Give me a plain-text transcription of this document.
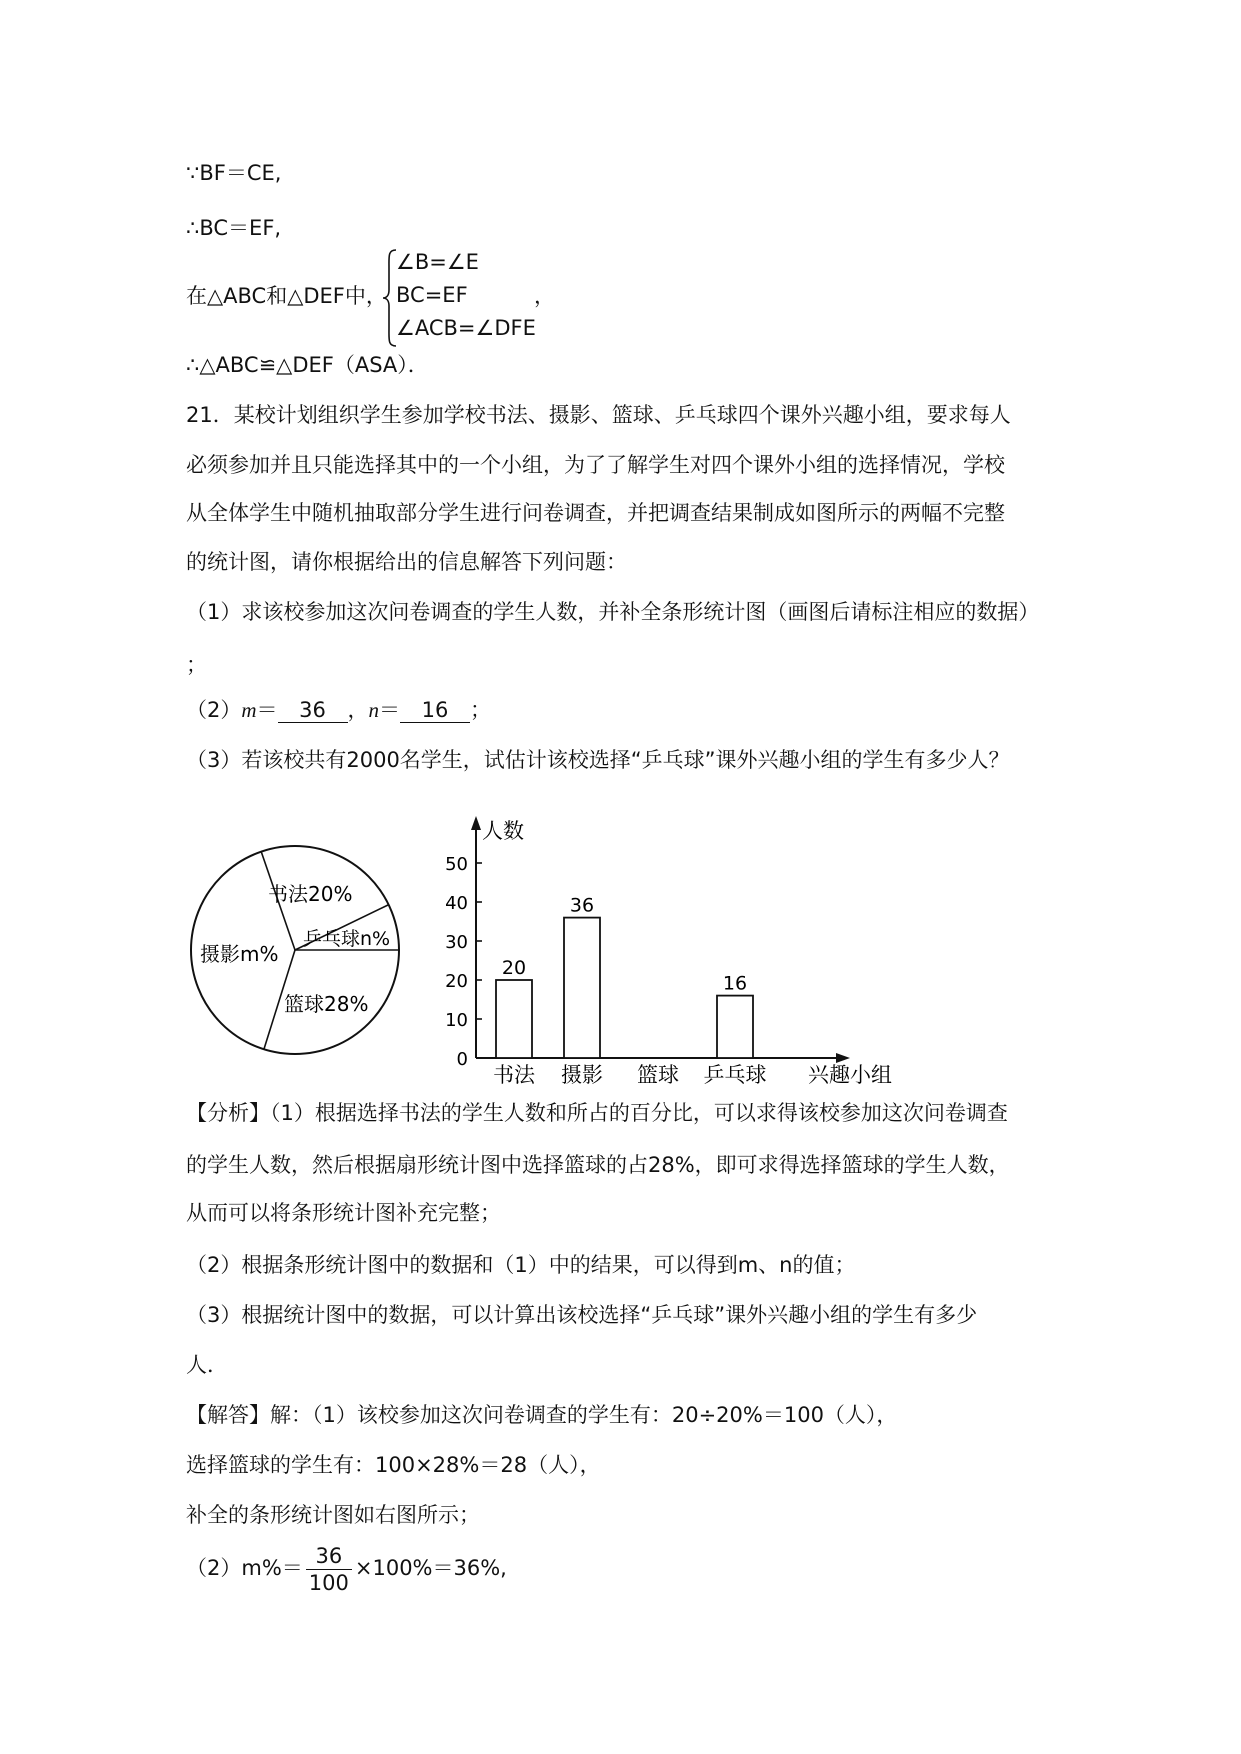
∵BF＝CE,
∴BC＝EF,
在△ABC和△DEF中，
∠B=∠E
BC=EF
∠ACB=∠DFE
，
∴△ABC≌△DEF（ASA）．
21．某校计划组织学生参加学校书法、摄影、篮球、乒乓球四个课外兴趣小组，要求每人
必须参加并且只能选择其中的一个小组，为了了解学生对四个课外小组的选择情况，学校
从全体学生中随机抽取部分学生进行问卷调查，并把调查结果制成如图所示的两幅不完整
的统计图，请你根据给出的信息解答下列问题：
（1）求该校参加这次问卷调查的学生人数，并补全条形统计图（画图后请标注相应的数据）
；
（2）m＝ 36 ，n＝ 16 ；
（3）若该校共有2000名学生，试估计该校选择“乒乓球”课外兴趣小组的学生有多少人？
书法20%
摄影m%
乒乓球n%
篮球28%
人数
兴趣小组
0
10
20
30
40
50
20
书法
36
摄影 篮球
16
乒乓球
【分析】（1）根据选择书法的学生人数和所占的百分比，可以求得该校参加这次问卷调查
的学生人数，然后根据扇形统计图中选择篮球的占28%，即可求得选择篮球的学生人数，
从而可以将条形统计图补充完整；
（2）根据条形统计图中的数据和（1）中的结果，可以得到m、n的值；
（3）根据统计图中的数据，可以计算出该校选择“乒乓球”课外兴趣小组的学生有多少
人．
【解答】解：（1）该校参加这次问卷调查的学生有：20÷20%＝100（人），
选择篮球的学生有：100×28%＝28（人），
补全的条形统计图如右图所示；
$(2)m\%= \frac{36}{100} \times 100\%=36\%$,
